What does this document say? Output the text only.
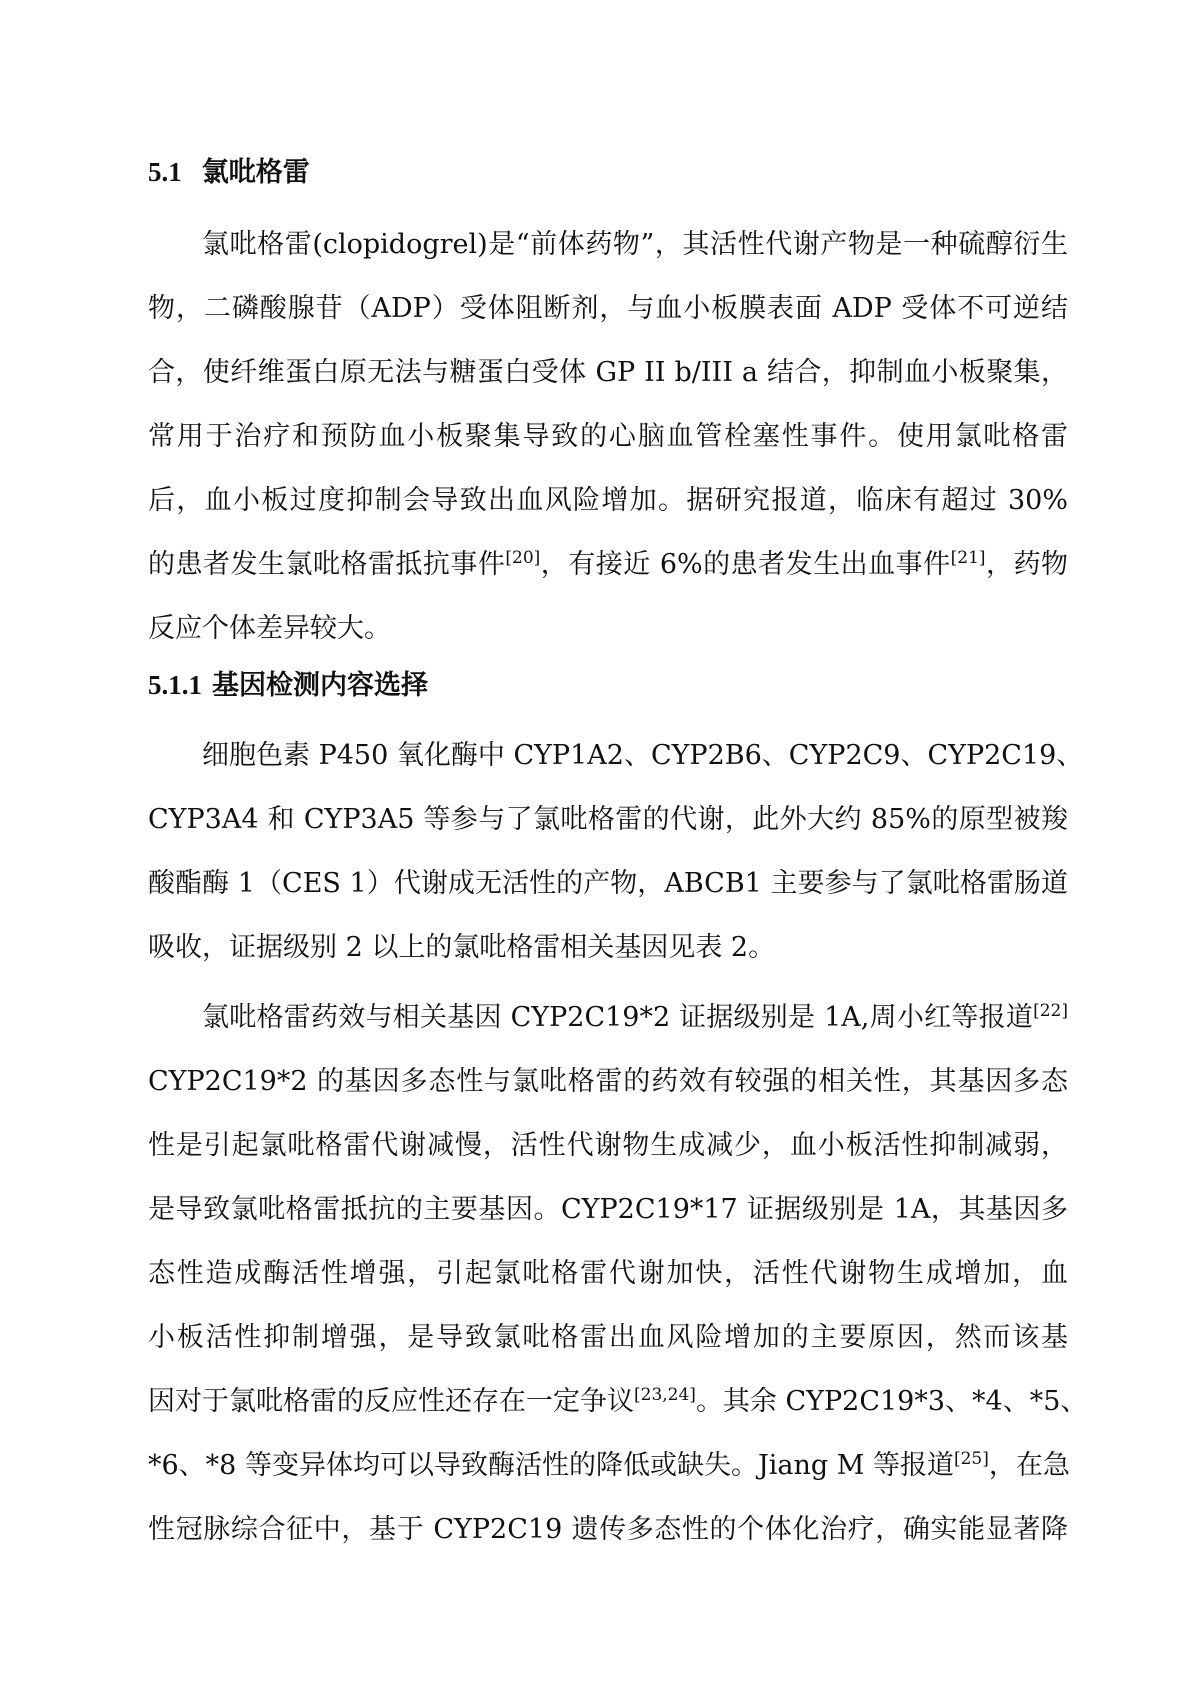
5.1 氯吡格雷

氯吡格雷(clopidogrel)是“前体药物”，其活性代谢产物是一种硫醇衍生
物，二磷酸腺苷（ADP）受体阻断剂，与血小板膜表面 ADP 受体不可逆结
合，使纤维蛋白原无法与糖蛋白受体 GP II b/III a 结合，抑制血小板聚集，
常用于治疗和预防血小板聚集导致的心脑血管栓塞性事件。使用氯吡格雷
后，血小板过度抑制会导致出血风险增加。据研究报道，临床有超过 30%
的患者发生氯吡格雷抵抗事件[20]，有接近 6%的患者发生出血事件[21]，药物
反应个体差异较大。

5.1.1 基因检测内容选择

细胞色素 P450 氧化酶中 CYP1A2、CYP2B6、CYP2C9、CYP2C19、
CYP3A4 和 CYP3A5 等参与了氯吡格雷的代谢，此外大约 85%的原型被羧
酸酯酶 1（CES 1）代谢成无活性的产物，ABCB1 主要参与了氯吡格雷肠道
吸收，证据级别 2 以上的氯吡格雷相关基因见表 2。

氯吡格雷药效与相关基因 CYP2C19*2 证据级别是 1A,周小红等报道[22]
CYP2C19*2 的基因多态性与氯吡格雷的药效有较强的相关性，其基因多态
性是引起氯吡格雷代谢减慢，活性代谢物生成减少，血小板活性抑制减弱，
是导致氯吡格雷抵抗的主要基因。CYP2C19*17 证据级别是 1A，其基因多
态性造成酶活性增强，引起氯吡格雷代谢加快，活性代谢物生成增加，血
小板活性抑制增强，是导致氯吡格雷出血风险增加的主要原因，然而该基
因对于氯吡格雷的反应性还存在一定争议[23,24]。其余 CYP2C19*3、*4、*5、
*6、*8 等变异体均可以导致酶活性的降低或缺失。Jiang M 等报道[25]，在急
性冠脉综合征中，基于 CYP2C19 遗传多态性的个体化治疗，确实能显著降
